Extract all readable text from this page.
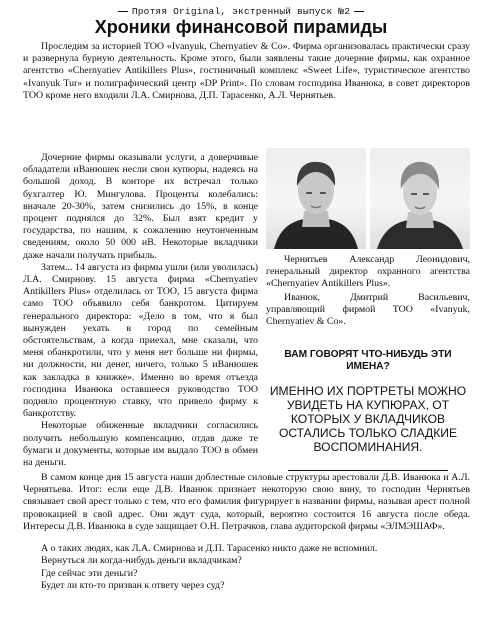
Протяя Original, экстренный выпуск №2
Хроники финансовой пирамиды

Проследим за историей ТОО «Ivanyuk, Chernyatiev & Co». Фирма организовалась практически сразу и развернула бурную деятельность. Кроме этого, были заявлены такие дочерние фирмы, как охранное агентство «Chernyatiev Antikillers Plus», гостиничный комплекс «Sweet Life», туристическое агентство «Ivanyuk Tur» и полиграфический центр «DP Print». По словам господина Иванюка, в совет директоров ТОО кроме него входили Л.А. Смирнова, Д.П. Тарасенко, А.Л. Чернятьев.

Дочерние фирмы оказывали услуги, а доверчивые обладатели иВанюшек несли свои купюры, надеясь на большой доход. В конторе их встречал только бухгалтер Ю. Мингулова. Проценты колебались: вначале 20-30%, затем снизились до 15%, в конце процент поднялся до 32%. Был взят кредит у государства, по нашим, к сожалению неутонченным сведениям, около 50 000 иВ. Некоторые вкладчики даже начали получать прибыль.

Затем... 14 августа из фирмы ушли (или уволилась) Л.А. Смирнову. 15 августа фирма «Chernyatiev Antikillers Plus» отделилась от ТОО, 15 августа фирма само ТОО объявило себя банкротом. Цитируем генерального директора: «Дело в том, что я был вынужден уехать в город по семейным обстоятельствам, а когда приехал, мне сказали, что меня обанкротили, что у меня нет больше ни фирмы, ни должности, ни денег, ничего, только 5 иВанюшек как закладка в книжке». Именно во время отъезда господина Иванюка оставшееся руководство ТОО подняло процентную ставку, что привело фирму к банкротству.

Некоторые обиженные вкладчики согласились получить небольшую компенсацию, отдав даже те бумаги и документы, которые им выдало ТОО в обмен на деньги.

Чернятьев Александр Леонидович, генеральный директор охранного агентства «Chernyatiev Antikillers Plus».

Иванюк, Дмитрий Васильевич, управляющий фирмой ТОО «Ivanyuk, Chernyatiev & Co».

ВАМ ГОВОРЯТ ЧТО-НИБУДЬ ЭТИ ИМЕНА?
ИМЕННО ИХ ПОРТРЕТЫ МОЖНО УВИДЕТЬ НА КУПЮРАХ, ОТ КОТОРЫХ У ВКЛАДЧИКОВ ОСТАЛИСЬ ТОЛЬКО СЛАДКИЕ ВОСПОМИНАНИЯ.

В самом конце дня 15 августа наши доблестные силовые структуры арестовали Д.В. Иванюка и А.Л. Чернятьева. Итог: если еще Д.В. Иванюк признает некоторую свою вину, то господин Чернятьев связывает свой арест только с тем, что его фамилия фигурирует в названии фирмы, называя арест полной провокацией в свой адрес. Они ждут суда, который, вероятно состоится 16 августа после обеда. Интересы Д.В. Иванюка в суде защищает О.Н. Петрачков, глава аудиторской фирмы «ЭЛМЭШАФ».

А о таких людях, как Л.А. Смирнова и Д.П. Тарасенко никто даже не вспомнил.
Вернуться ли когда-нибудь деньги вкладчикам?
Где сейчас эти деньги?
Будет ли кто-то призван к ответу через суд?
